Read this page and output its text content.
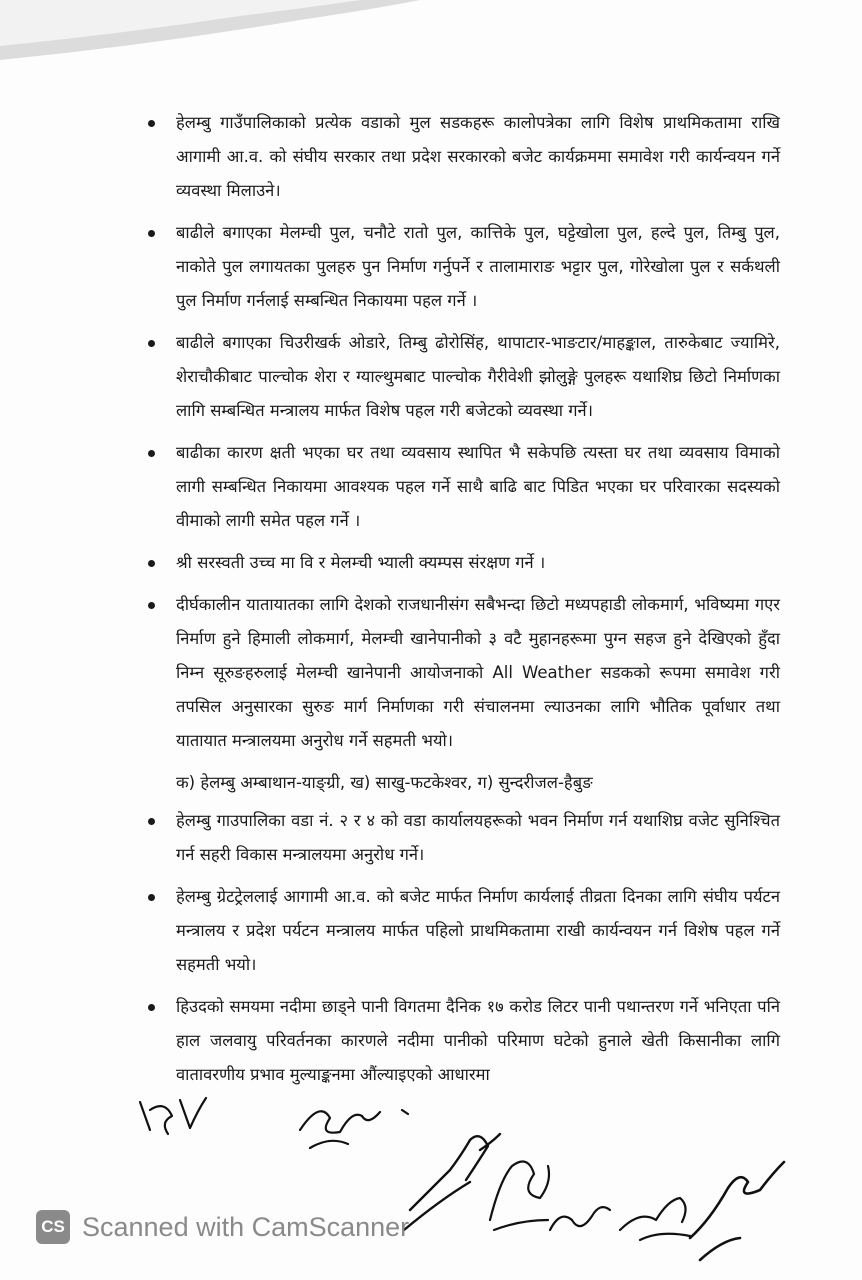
हेलम्बु गाउँपालिकाको प्रत्येक वडाको मुल सडकहरू कालोपत्रेका लागि विशेष प्राथमिकतामा राखि आगामी आ.व. को संघीय सरकार तथा प्रदेश सरकारको बजेट कार्यक्रममा समावेश गरी कार्यन्वयन गर्ने व्यवस्था मिलाउने।

बाढीले बगाएका मेलम्ची पुल, चनौटे रातो पुल, कात्तिके पुल, घट्टेखोला पुल, हल्दे पुल, तिम्बु पुल, नाकोते पुल लगायतका पुलहरु पुन निर्माण गर्नुपर्ने र तालामाराङ भट्टार पुल, गोरेखोला पुल र सर्कथली पुल निर्माण गर्नलाई सम्बन्धित निकायमा पहल गर्ने ।

बाढीले बगाएका चिउरीखर्क ओडारे, तिम्बु ढोरोसिंह, थापाटार-भाङटार/माहङ्काल, तारुकेबाट ज्यामिरे, शेराचौकीबाट पाल्चोक शेरा र ग्याल्थुमबाट पाल्चोक गैरीवेशी झोलुङ्गे पुलहरू यथाशिघ्र छिटो निर्माणका लागि सम्बन्धित मन्त्रालय मार्फत विशेष पहल गरी बजेटको व्यवस्था गर्ने।

बाढीका कारण क्षती भएका घर तथा व्यवसाय स्थापित भै सकेपछि त्यस्ता घर तथा व्यवसाय विमाको लागी सम्बन्धित निकायमा आवश्यक पहल गर्ने साथै बाढि बाट पिडित भएका घर परिवारका सदस्यको वीमाको लागी समेत पहल गर्ने ।

श्री सरस्वती उच्च मा वि र मेलम्ची भ्याली क्यम्पस संरक्षण गर्ने ।

दीर्घकालीन यातायातका लागि देशको राजधानीसंग सबैभन्दा छिटो मध्यपहाडी लोकमार्ग, भविष्यमा गएर निर्माण हुने हिमाली लोकमार्ग, मेलम्ची खानेपानीको ३ वटै मुहानहरूमा पुग्न सहज हुने देखिएको हुँदा निम्न सूरुङहरुलाई मेलम्ची खानेपानी आयोजनाको All Weather सडकको रूपमा समावेश गरी तपसिल अनुसारका सुरुङ मार्ग निर्माणका गरी संचालनमा ल्याउनका लागि भौतिक पूर्वाधार तथा यातायात मन्त्रालयमा अनुरोध गर्ने सहमती भयो।

क) हेलम्बु अम्बाथान-याङ्ग्री, ख) साखु-फटकेश्वर, ग) सुन्दरीजल-हैबुङ

हेलम्बु गाउपालिका वडा नं. २ र ४ को वडा कार्यालयहरूको भवन निर्माण गर्न यथाशिघ्र वजेट सुनिश्चित गर्न सहरी विकास मन्त्रालयमा अनुरोध गर्ने।

हेलम्बु ग्रेटट्रेललाई आगामी आ.व. को बजेट मार्फत निर्माण कार्यलाई तीव्रता दिनका लागि संघीय पर्यटन मन्त्रालय र प्रदेश पर्यटन मन्त्रालय मार्फत पहिलो प्राथमिकतामा राखी कार्यन्वयन गर्न विशेष पहल गर्ने सहमती भयो।

हिउदको समयमा नदीमा छाड्ने पानी विगतमा दैनिक १७ करोड लिटर पानी पथान्तरण गर्ने भनिएता पनि हाल जलवायु परिवर्तनका कारणले नदीमा पानीको परिमाण घटेको हुनाले खेती किसानीका लागि वातावरणीय प्रभाव मुल्याङ्कनमा औंल्याइएको आधारमा

CS Scanned with CamScanner
